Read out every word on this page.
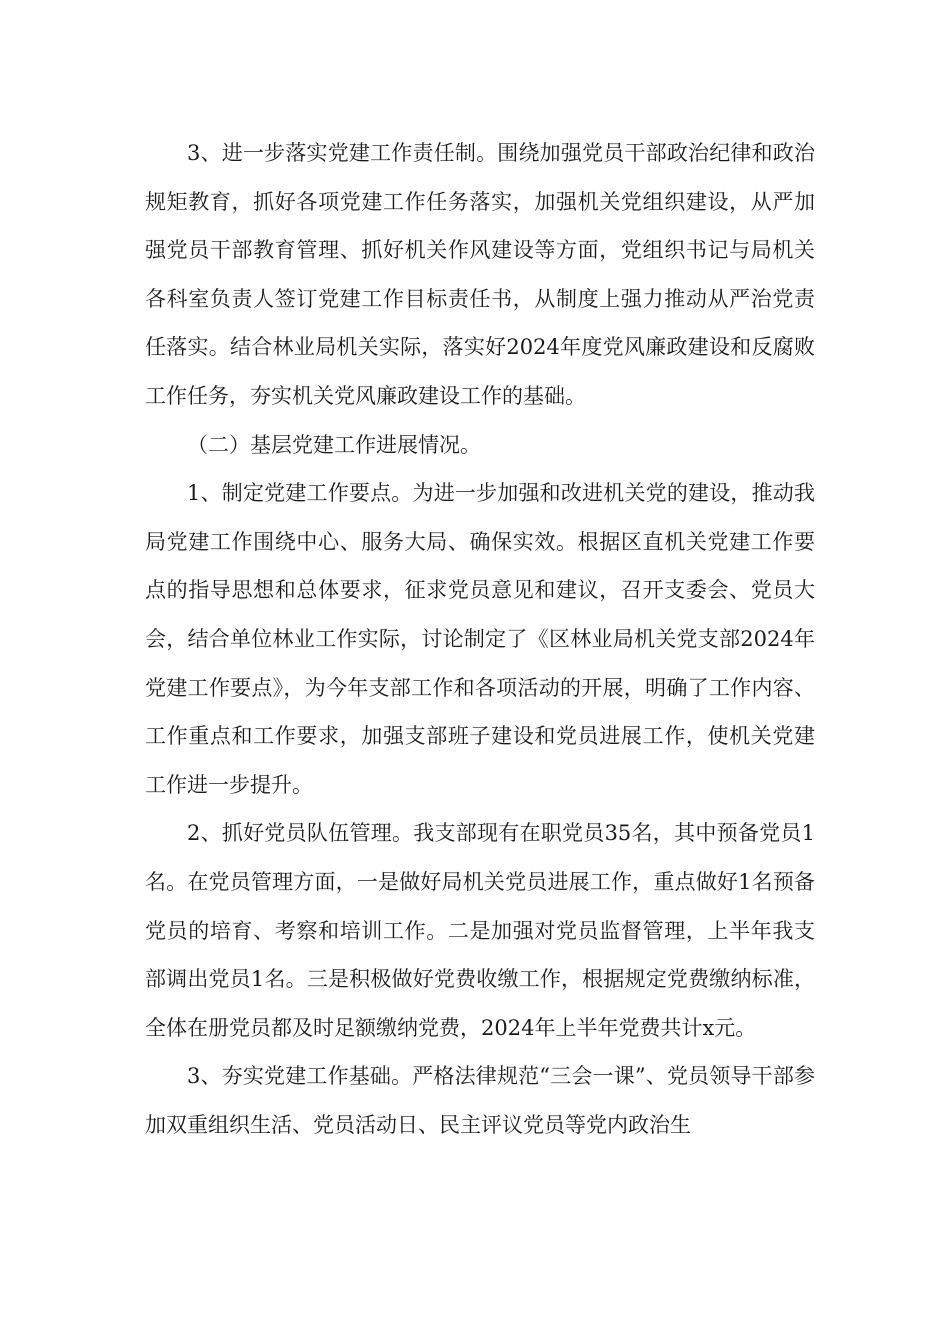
3、进一步落实党建工作责任制。围绕加强党员干部政治纪律和政治规矩教育，抓好各项党建工作任务落实，加强机关党组织建设，从严加强党员干部教育管理、抓好机关作风建设等方面，党组织书记与局机关各科室负责人签订党建工作目标责任书，从制度上强力推动从严治党责任落实。结合林业局机关实际，落实好2024年度党风廉政建设和反腐败工作任务，夯实机关党风廉政建设工作的基础。

（二）基层党建工作进展情况。

1、制定党建工作要点。为进一步加强和改进机关党的建设，推动我局党建工作围绕中心、服务大局、确保实效。根据区直机关党建工作要点的指导思想和总体要求，征求党员意见和建议，召开支委会、党员大会，结合单位林业工作实际，讨论制定了《区林业局机关党支部2024年党建工作要点》，为今年支部工作和各项活动的开展，明确了工作内容、工作重点和工作要求，加强支部班子建设和党员进展工作，使机关党建工作进一步提升。

2、抓好党员队伍管理。我支部现有在职党员35名，其中预备党员1名。在党员管理方面，一是做好局机关党员进展工作，重点做好1名预备党员的培育、考察和培训工作。二是加强对党员监督管理，上半年我支部调出党员1名。三是积极做好党费收缴工作，根据规定党费缴纳标准，全体在册党员都及时足额缴纳党费，2024年上半年党费共计x元。

3、夯实党建工作基础。严格法律规范“三会一课”、党员领导干部参加双重组织生活、党员活动日、民主评议党员等党内政治生
